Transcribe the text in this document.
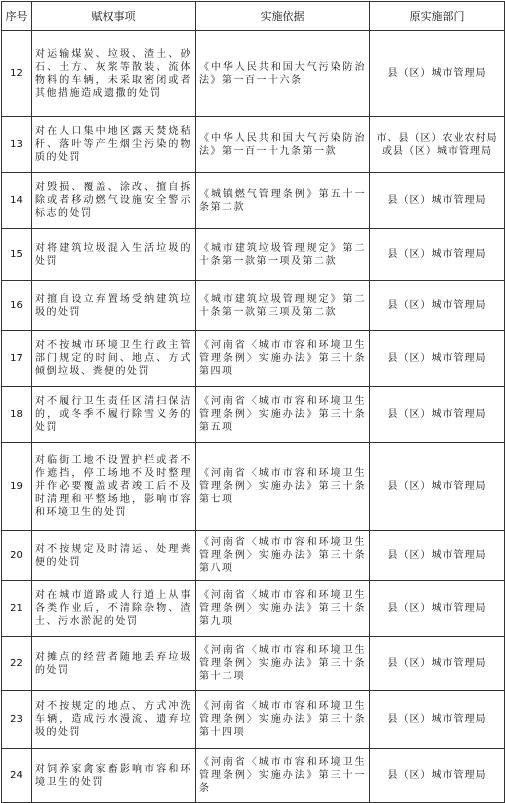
序号	赋权事项	实施依据	原实施部门
12	对运输煤炭、垃圾、渣土、砂石、土方、灰浆等散装、流体物料的车辆，未采取密闭或者其他措施造成遗撒的处罚	《中华人民共和国大气污染防治法》第一百一十六条	县（区）城市管理局
13	对在人口集中地区露天焚烧秸秆、落叶等产生烟尘污染的物质的处罚	《中华人民共和国大气污染防治法》第一百一十九条第一款	市、县（区）农业农村局或县（区）城市管理局
14	对毁损、覆盖、涂改、擅自拆除或者移动燃气设施安全警示标志的处罚	《城镇燃气管理条例》第五十一条第二款	县（区）城市管理局
15	对将建筑垃圾混入生活垃圾的处罚	《城市建筑垃圾管理规定》第二十条第一款第一项及第二款	县（区）城市管理局
16	对擅自设立弃置场受纳建筑垃圾的处罚	《城市建筑垃圾管理规定》第二十条第一款第三项及第二款	县（区）城市管理局
17	对不按城市环境卫生行政主管部门规定的时间、地点、方式倾倒垃圾、粪便的处罚	《河南省〈城市市容和环境卫生管理条例〉实施办法》第三十条第四项	县（区）城市管理局
18	对不履行卫生责任区清扫保洁的，或冬季不履行除雪义务的处罚	《河南省〈城市市容和环境卫生管理条例〉实施办法》第三十条第五项	县（区）城市管理局
19	对临街工地不设置护栏或者不作遮挡，停工场地不及时整理并作必要覆盖或者竣工后不及时清理和平整场地，影响市容和环境卫生的处罚	《河南省〈城市市容和环境卫生管理条例〉实施办法》第三十条第七项	县（区）城市管理局
20	对不按规定及时清运、处理粪便的处罚	《河南省〈城市市容和环境卫生管理条例〉实施办法》第三十条第八项	县（区）城市管理局
21	对在城市道路或人行道上从事各类作业后，不清除杂物、渣土、污水淤泥的处罚	《河南省〈城市市容和环境卫生管理条例〉实施办法》第三十条第九项	县（区）城市管理局
22	对摊点的经营者随地丢弃垃圾的处罚	《河南省〈城市市容和环境卫生管理条例〉实施办法》第三十条第十二项	县（区）城市管理局
23	对不按规定的地点、方式冲洗车辆，造成污水漫流、遗弃垃圾的处罚	《河南省〈城市市容和环境卫生管理条例〉实施办法》第三十条第十四项	县（区）城市管理局
24	对饲养家禽家畜影响市容和环境卫生的处罚	《河南省〈城市市容和环境卫生管理条例〉实施办法》第三十一条	县（区）城市管理局
